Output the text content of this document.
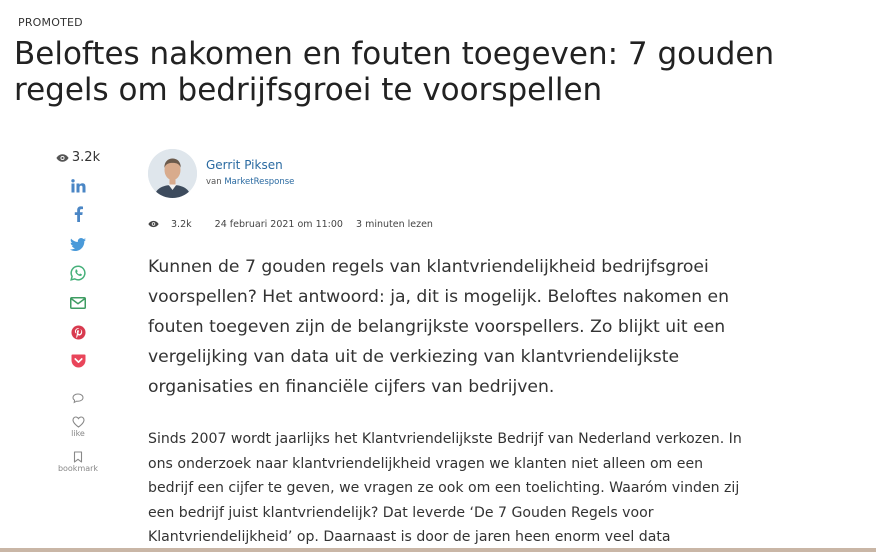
PROMOTED
Beloftes nakomen en fouten toegeven: 7 gouden regels om bedrijfsgroei te voorspellen
3.2k
like
bookmark
Gerrit Piksen
van MarketResponse
3.2k 24 februari 2021 om 11:00 3 minuten lezen

Kunnen de 7 gouden regels van klantvriendelijkheid bedrijfsgroei voorspellen? Het antwoord: ja, dit is mogelijk. Beloftes nakomen en fouten toegeven zijn de belangrijkste voorspellers. Zo blijkt uit een vergelijking van data uit de verkiezing van klantvriendelijkste organisaties en financiële cijfers van bedrijven.

Sinds 2007 wordt jaarlijks het Klantvriendelijkste Bedrijf van Nederland verkozen. In ons onderzoek naar klantvriendelijkheid vragen we klanten niet alleen om een bedrijf een cijfer te geven, we vragen ze ook om een toelichting. Waaróm vinden zij een bedrijf juist klantvriendelijk? Dat leverde ‘De 7 Gouden Regels voor Klantvriendelijkheid’ op. Daarnaast is door de jaren heen enorm veel data
